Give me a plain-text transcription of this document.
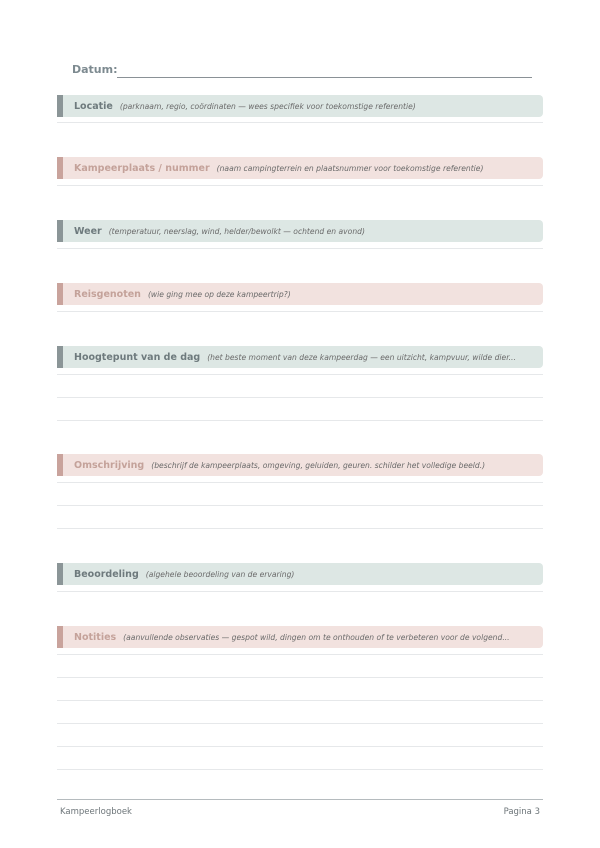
Datum:
Locatie (parknaam, regio, coördinaten — wees specifiek voor toekomstige referentie)
Kampeerplaats / nummer (naam campingterrein en plaatsnummer voor toekomstige referentie)
Weer (temperatuur, neerslag, wind, helder/bewolkt — ochtend en avond)
Reisgenoten (wie ging mee op deze kampeertrip?)
Hoogtepunt van de dag (het beste moment van deze kampeerdag — een uitzicht, kampvuur, wilde dier...
Omschrijving (beschrijf de kampeerplaats, omgeving, geluiden, geuren. schilder het volledige beeld.)
Beoordeling (algehele beoordeling van de ervaring)
Notities (aanvullende observaties — gespot wild, dingen om te onthouden of te verbeteren voor de volgend...
Kampeerlogboek	Pagina 3
